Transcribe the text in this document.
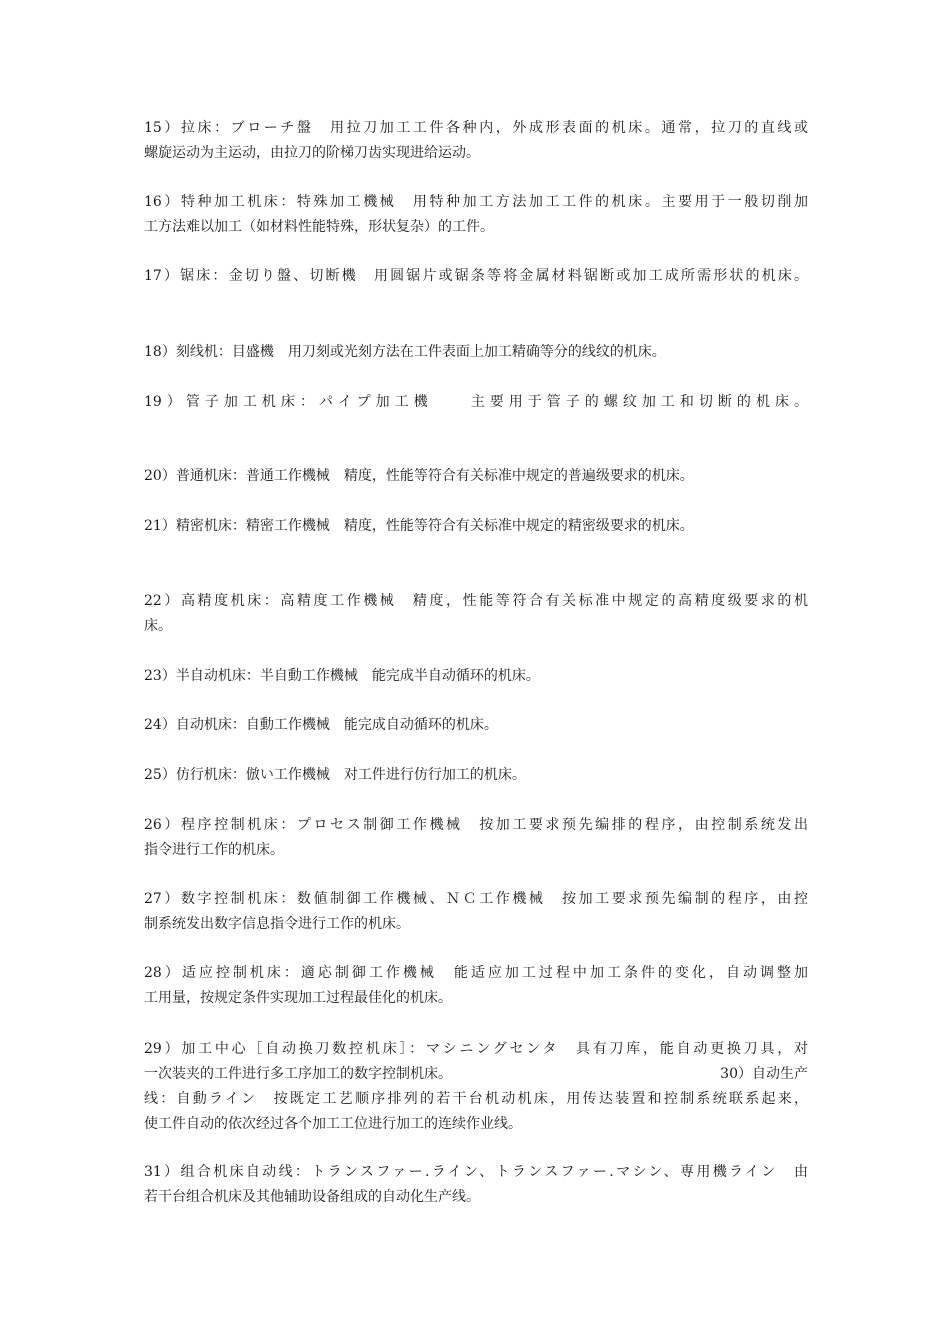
15）拉床：ブローチ盤　用拉刀加工工件各种内，外成形表面的机床。通常，拉刀的直线或
螺旋运动为主运动，由拉刀的阶梯刀齿实现进给运动。

16）特种加工机床：特殊加工機械　用特种加工方法加工工件的机床。主要用于一般切削加
工方法难以加工（如材料性能特殊，形状复杂）的工件。

17）锯床：金切り盤、切断機　用圆锯片或锯条等将金属材料锯断或加工成所需形状的机床。

18）刻线机：目盛機　用刀刻或光刻方法在工件表面上加工精确等分的线纹的机床。

19）管子加工机床：パイプ加工機　　主要用于管子的螺纹加工和切断的机床。

20）普通机床：普通工作機械　精度，性能等符合有关标准中规定的普遍级要求的机床。

21）精密机床：精密工作機械　精度，性能等符合有关标准中规定的精密级要求的机床。

22）高精度机床：高精度工作機械　精度，性能等符合有关标准中规定的高精度级要求的机
床。

23）半自动机床：半自動工作機械　能完成半自动循环的机床。

24）自动机床：自動工作機械　能完成自动循环的机床。

25）仿行机床：倣い工作機械　对工件进行仿行加工的机床。

26）程序控制机床：プロセス制御工作機械　按加工要求预先编排的程序，由控制系统发出
指令进行工作的机床。

27）数字控制机床：数値制御工作機械、ＮＣ工作機械　按加工要求预先编制的程序，由控
制系统发出数字信息指令进行工作的机床。

28）适应控制机床：適応制御工作機械　能适应加工过程中加工条件的变化，自动调整加
工用量，按规定条件实现加工过程最佳化的机床。

29）加工中心［自动换刀数控机床］：マシニングセンタ　具有刀库，能自动更换刀具，对
一次装夹的工件进行多工序加工的数字控制机床。	30）自动生产
线：自動ライン　按既定工艺顺序排列的若干台机动机床，用传达装置和控制系统联系起来，
使工件自动的依次经过各个加工工位进行加工的连续作业线。

31）组合机床自动线：トランスファー.ライン、トランスファー.マシン、専用機ライン　由
若干台组合机床及其他辅助设备组成的自动化生产线。
